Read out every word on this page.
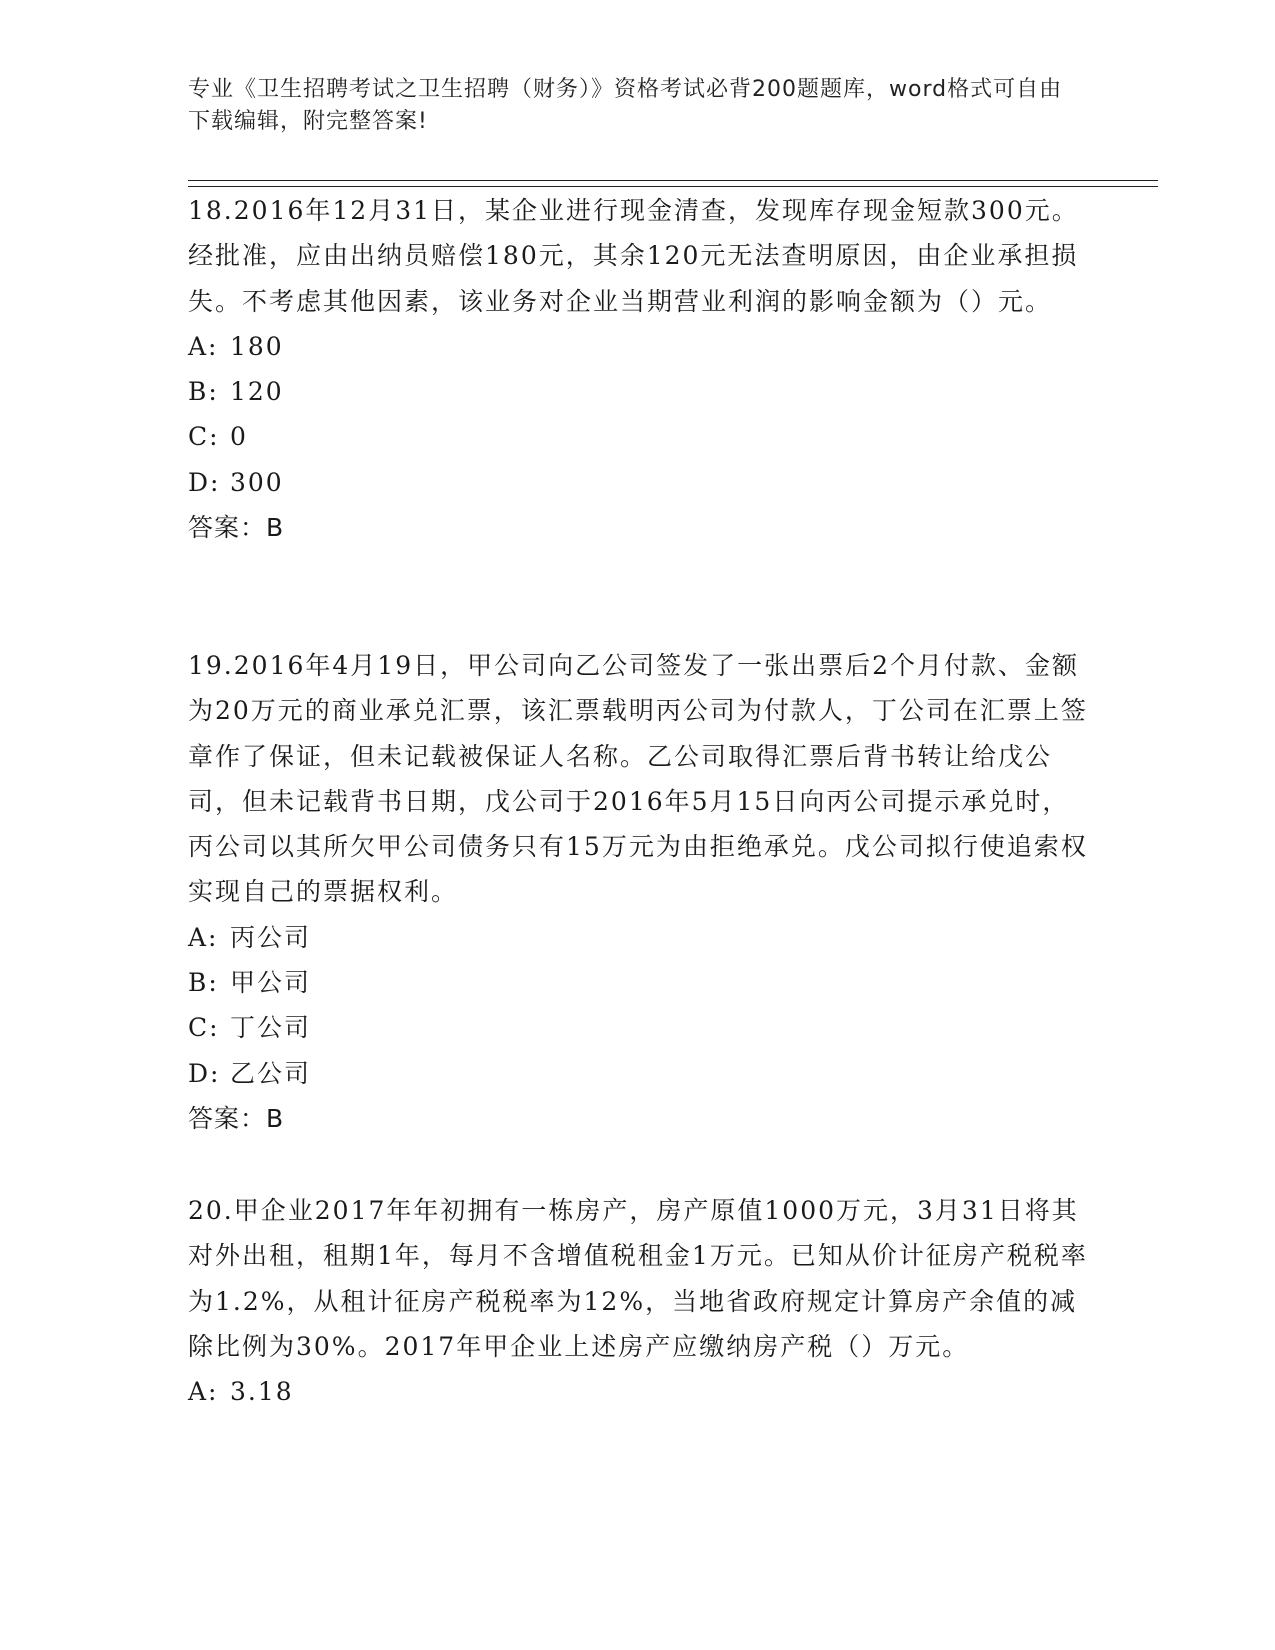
专业《卫生招聘考试之卫生招聘（财务）》资格考试必背200题题库，word格式可自由下载编辑，附完整答案!

18.2016年12月31日，某企业进行现金清查，发现库存现金短款300元。经批准，应由出纳员赔偿180元，其余120元无法查明原因，由企业承担损失。不考虑其他因素，该业务对企业当期营业利润的影响金额为（）元。

A: 180
B: 120
C: 0
D: 300
答案：B

19.2016年4月19日，甲公司向乙公司签发了一张出票后2个月付款、金额为20万元的商业承兑汇票，该汇票载明丙公司为付款人，丁公司在汇票上签章作了保证，但未记载被保证人名称。乙公司取得汇票后背书转让给戊公司，但未记载背书日期，戊公司于2016年5月15日向丙公司提示承兑时，丙公司以其所欠甲公司债务只有15万元为由拒绝承兑。戊公司拟行使追索权实现自己的票据权利。

A: 丙公司
B: 甲公司
C: 丁公司
D: 乙公司
答案：B

20.甲企业2017年年初拥有一栋房产，房产原值1000万元，3月31日将其对外出租，租期1年，每月不含增值税租金1万元。已知从价计征房产税税率为1.2%，从租计征房产税税率为12%，当地省政府规定计算房产余值的减除比例为30%。2017年甲企业上述房产应缴纳房产税（）万元。

A: 3.18
